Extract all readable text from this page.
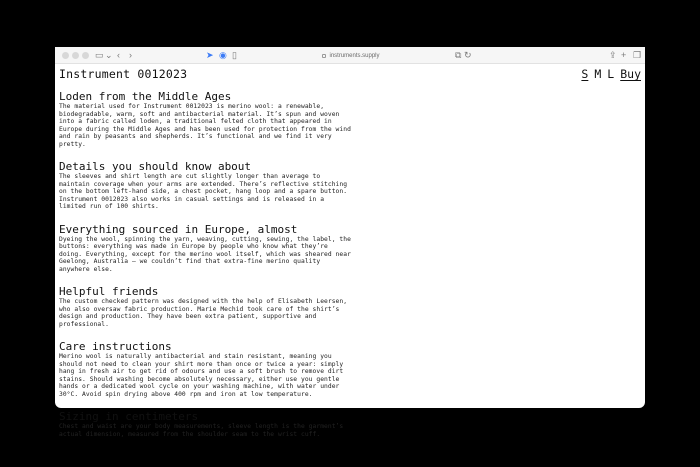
▭ ⌄ ‹ ›	➤ ◉ ▯	instruments.supply	⧉ ↻	⇪ + ❐
Instrument 0012023	S M L Buy
Loden from the Middle Ages

The material used for Instrument 0012023 is merino wool: a renewable, biodegradable, warm, soft and antibacterial material. It’s spun and woven into a fabric called loden, a traditional felted cloth that appeared in Europe during the Middle Ages and has been used for protection from the wind and rain by peasants and shepherds. It’s functional and we find it very pretty.

Details you should know about

The sleeves and shirt length are cut slightly longer than average to maintain coverage when your arms are extended. There’s reflective stitching on the bottom left-hand side, a chest pocket, hang loop and a spare button. Instrument 0012023 also works in casual settings and is released in a limited run of 100 shirts.

Everything sourced in Europe, almost

Dyeing the wool, spinning the yarn, weaving, cutting, sewing, the label, the buttons: everything was made in Europe by people who know what they’re doing. Everything, except for the merino wool itself, which was sheared near Geelong, Australia – we couldn’t find that extra-fine merino quality anywhere else.

Helpful friends

The custom checked pattern was designed with the help of Elisabeth Leersen, who also oversaw fabric production. Marie Mechid took care of the shirt’s design and production. They have been extra patient, supportive and professional.

Care instructions

Merino wool is naturally antibacterial and stain resistant, meaning you should not need to clean your shirt more than once or twice a year: simply hang in fresh air to get rid of odours and use a soft brush to remove dirt stains. Should washing become absolutely necessary, either use you gentle hands or a dedicated wool cycle on your washing machine, with water under 30°C. Avoid spin drying above 400 rpm and iron at low temperature.

Sizing in centimeters

Chest and waist are your body measurements, sleeve length is the garment’s actual dimension, measured from the shoulder seam to the wrist cuff.
